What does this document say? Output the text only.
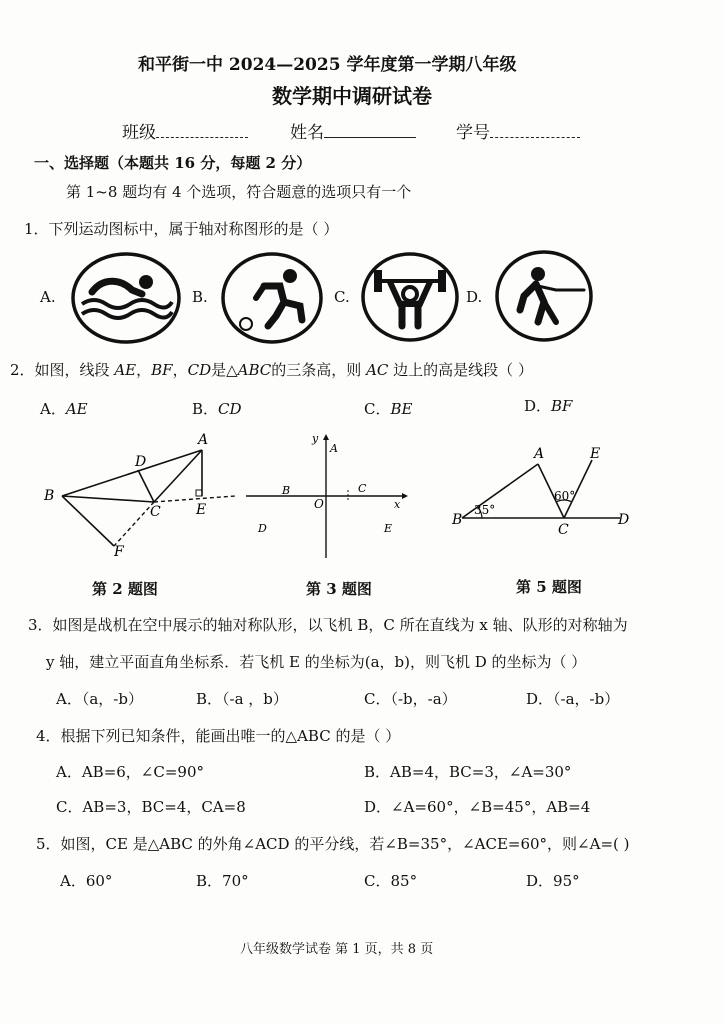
和平街一中 2024—2025 学年度第一学期八年级
数学期中调研试卷
班级	姓名	学号
一、选择题（本题共 16 分，每题 2 分）
第 1~8 题均有 4 个选项，符合题意的选项只有一个
1．下列运动图标中，属于轴对称图形的是（ ）
A.	B.	C.	D.
2．如图，线段 AE，BF，CD是△ABC的三条高，则 AC 边上的高是线段（ ）
A．AE	B．CD	C．BE	D．BF
A
B
C
D
E
F
第 2 题图
y
A
B
O
C
x
D	E
第 3 题图
A	E
B
C
D
35°
60°
第 5 题图
3．如图是战机在空中展示的轴对称队形，以飞机 B，C 所在直线为 x 轴、队形的对称轴为
y 轴，建立平面直角坐标系．若飞机 E 的坐标为(a，b)，则飞机 D 的坐标为（ ）
A．（a，-b）	B．（-a ，b）	C．（-b，-a）	D．（-a，-b）
4．根据下列已知条件，能画出唯一的△ABC 的是（ ）
A．AB=6，∠C=90°	B．AB=4，BC=3，∠A=30°
C．AB=3，BC=4，CA=8	D．∠A=60°，∠B=45°，AB=4
5．如图，CE 是△ABC 的外角∠ACD 的平分线，若∠B=35°，∠ACE=60°，则∠A=( )
A．60°	B．70°	C．85°	D．95°
八年级数学试卷 第 1 页，共 8 页
